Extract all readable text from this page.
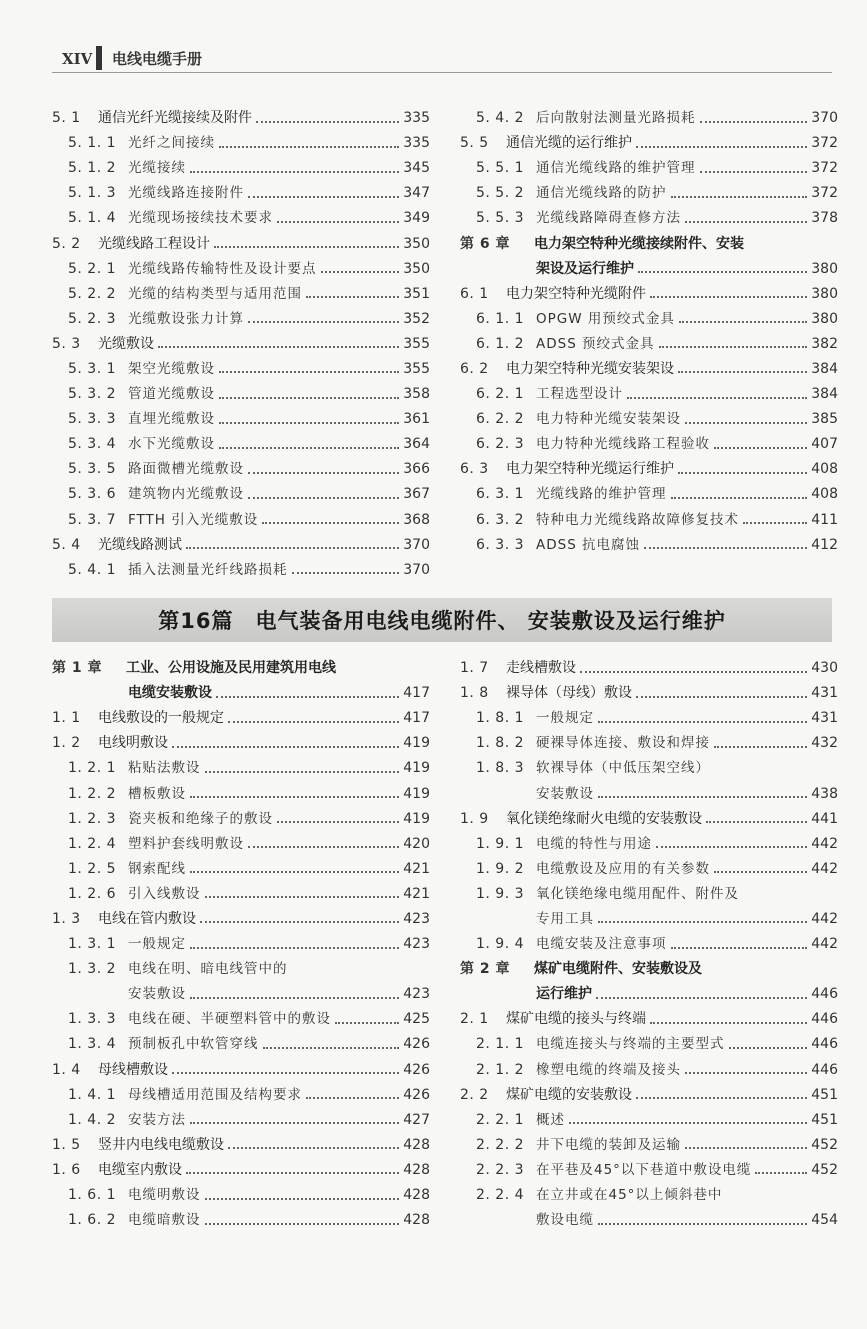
XIV 电线电缆手册
5. 1	通信光纤光缆接续及附件	335
5. 1. 1 光纤之间接续	335
5. 1. 2 光缆接续	345
5. 1. 3 光缆线路连接附件	347
5. 1. 4 光缆现场接续技术要求	349
5. 2	光缆线路工程设计	350
5. 2. 1 光缆线路传输特性及设计要点	350
5. 2. 2 光缆的结构类型与适用范围	351
5. 2. 3 光缆敷设张力计算	352
5. 3	光缆敷设	355
5. 3. 1 架空光缆敷设	355
5. 3. 2 管道光缆敷设	358
5. 3. 3 直埋光缆敷设	361
5. 3. 4 水下光缆敷设	364
5. 3. 5 路面微槽光缆敷设	366
5. 3. 6 建筑物内光缆敷设	367
5. 3. 7 FTTH 引入光缆敷设	368
5. 4	光缆线路测试	370
5. 4. 1 插入法测量光纤线路损耗	370
5. 4. 2 后向散射法测量光路损耗	370
5. 5	通信光缆的运行维护	372
5. 5. 1 通信光缆线路的维护管理	372
5. 5. 2 通信光缆线路的防护	372
5. 5. 3 光缆线路障碍查修方法	378
第 6 章	电力架空特种光缆接续附件、安装
架设及运行维护	380
6. 1	电力架空特种光缆附件	380
6. 1. 1 OPGW 用预绞式金具	380
6. 1. 2 ADSS 预绞式金具	382
6. 2	电力架空特种光缆安装架设	384
6. 2. 1 工程选型设计	384
6. 2. 2 电力特种光缆安装架设	385
6. 2. 3 电力特种光缆线路工程验收	407
6. 3	电力架空特种光缆运行维护	408
6. 3. 1 光缆线路的维护管理	408
6. 3. 2 特种电力光缆线路故障修复技术	411
6. 3. 3 ADSS 抗电腐蚀	412
第16篇　电气装备用电线电缆附件、 安装敷设及运行维护
第 1 章	工业、公用设施及民用建筑用电线
电缆安装敷设	417
1. 1	电线敷设的一般规定	417
1. 2	电线明敷设	419
1. 2. 1 粘贴法敷设	419
1. 2. 2 槽板敷设	419
1. 2. 3 瓷夹板和绝缘子的敷设	419
1. 2. 4 塑料护套线明敷设	420
1. 2. 5 钢索配线	421
1. 2. 6 引入线敷设	421
1. 3	电线在管内敷设	423
1. 3. 1 一般规定	423
1. 3. 2 电线在明、暗电线管中的
安装敷设	423
1. 3. 3 电线在硬、半硬塑料管中的敷设	425
1. 3. 4 预制板孔中软管穿线	426
1. 4	母线槽敷设	426
1. 4. 1 母线槽适用范围及结构要求	426
1. 4. 2 安装方法	427
1. 5	竖井内电线电缆敷设	428
1. 6	电缆室内敷设	428
1. 6. 1 电缆明敷设	428
1. 6. 2 电缆暗敷设	428
1. 7	走线槽敷设	430
1. 8	裸导体（母线）敷设	431
1. 8. 1 一般规定	431
1. 8. 2 硬裸导体连接、敷设和焊接	432
1. 8. 3 软裸导体（中低压架空线）
安装敷设	438
1. 9	氧化镁绝缘耐火电缆的安装敷设	441
1. 9. 1 电缆的特性与用途	442
1. 9. 2 电缆敷设及应用的有关参数	442
1. 9. 3 氧化镁绝缘电缆用配件、附件及
专用工具	442
1. 9. 4 电缆安装及注意事项	442
第 2 章	煤矿电缆附件、安装敷设及
运行维护	446
2. 1	煤矿电缆的接头与终端	446
2. 1. 1 电缆连接头与终端的主要型式	446
2. 1. 2 橡塑电缆的终端及接头	446
2. 2	煤矿电缆的安装敷设	451
2. 2. 1 概述	451
2. 2. 2 井下电缆的装卸及运输	452
2. 2. 3 在平巷及45°以下巷道中敷设电缆	452
2. 2. 4 在立井或在45°以上倾斜巷中
敷设电缆	454
